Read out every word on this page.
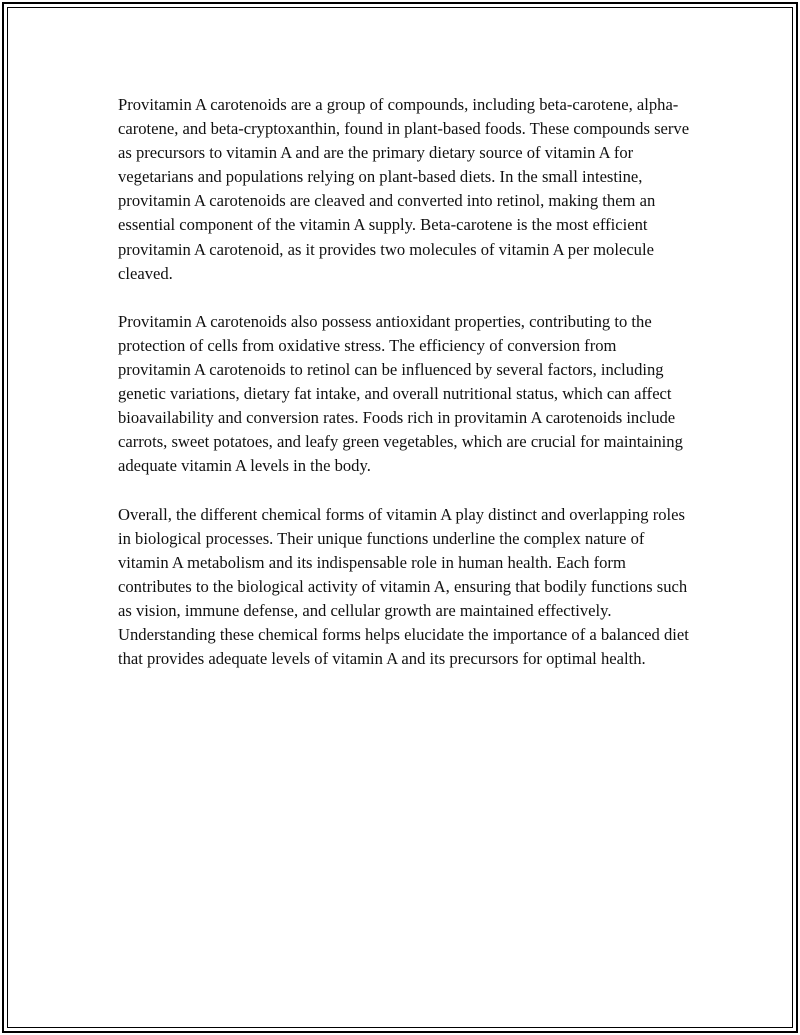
Provitamin A carotenoids are a group of compounds, including beta-carotene, alpha-carotene, and beta-cryptoxanthin, found in plant-based foods. These compounds serve as precursors to vitamin A and are the primary dietary source of vitamin A for vegetarians and populations relying on plant-based diets. In the small intestine, provitamin A carotenoids are cleaved and converted into retinol, making them an essential component of the vitamin A supply. Beta-carotene is the most efficient provitamin A carotenoid, as it provides two molecules of vitamin A per molecule cleaved.

Provitamin A carotenoids also possess antioxidant properties, contributing to the protection of cells from oxidative stress. The efficiency of conversion from provitamin A carotenoids to retinol can be influenced by several factors, including genetic variations, dietary fat intake, and overall nutritional status, which can affect bioavailability and conversion rates. Foods rich in provitamin A carotenoids include carrots, sweet potatoes, and leafy green vegetables, which are crucial for maintaining adequate vitamin A levels in the body.

Overall, the different chemical forms of vitamin A play distinct and overlapping roles in biological processes. Their unique functions underline the complex nature of vitamin A metabolism and its indispensable role in human health. Each form contributes to the biological activity of vitamin A, ensuring that bodily functions such as vision, immune defense, and cellular growth are maintained effectively. Understanding these chemical forms helps elucidate the importance of a balanced diet that provides adequate levels of vitamin A and its precursors for optimal health.
